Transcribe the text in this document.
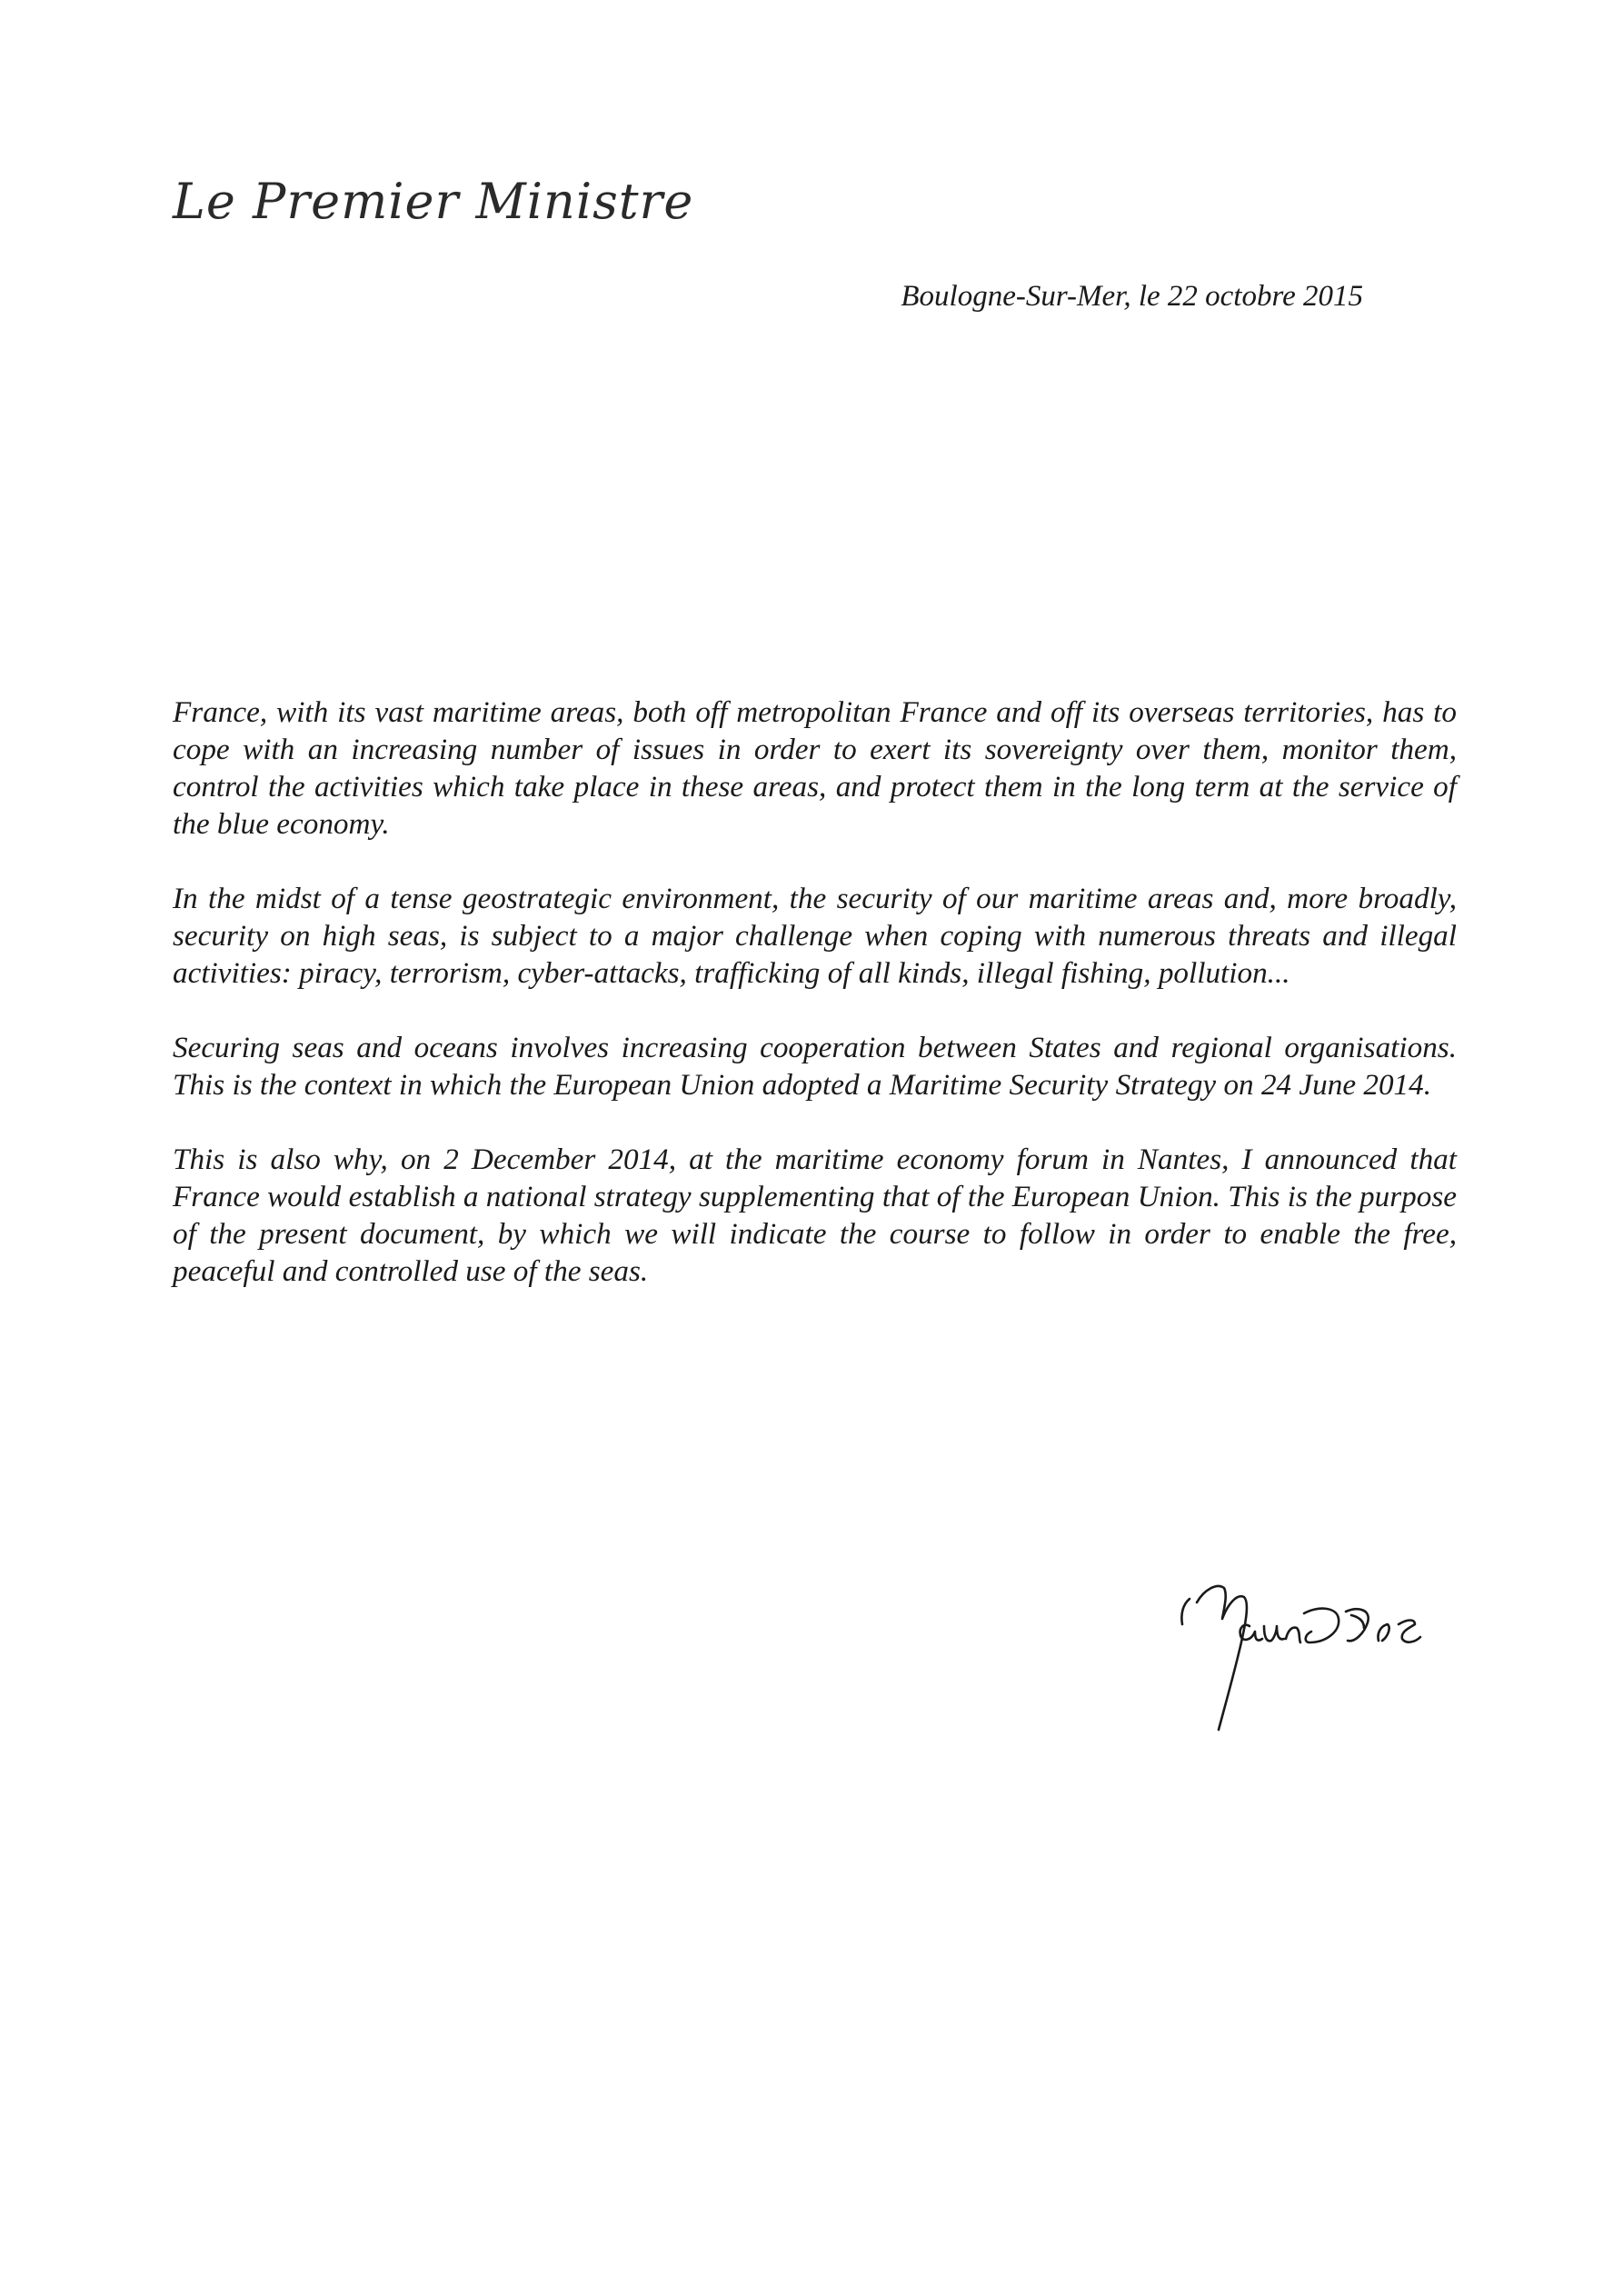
Le Premier Ministre
Boulogne-Sur-Mer, le 22 octobre 2015

France, with its vast maritime areas, both off metropolitan France and off its overseas territories, has to cope with an increasing number of issues in order to exert its sovereignty over them, monitor them, control the activities which take place in these areas, and protect them in the long term at the service of the blue economy.

In the midst of a tense geostrategic environment, the security of our maritime areas and, more broadly, security on high seas, is subject to a major challenge when coping with numerous threats and illegal activities: piracy, terrorism, cyber-attacks, trafficking of all kinds, illegal fishing, pollution...

Securing seas and oceans involves increasing cooperation between States and regional organisations. This is the context in which the European Union adopted a Maritime Security Strategy on 24 June 2014.

This is also why, on 2 December 2014, at the maritime economy forum in Nantes, I announced that France would establish a national strategy supplementing that of the European Union. This is the purpose of the present document, by which we will indicate the course to follow in order to enable the free, peaceful and controlled use of the seas.
